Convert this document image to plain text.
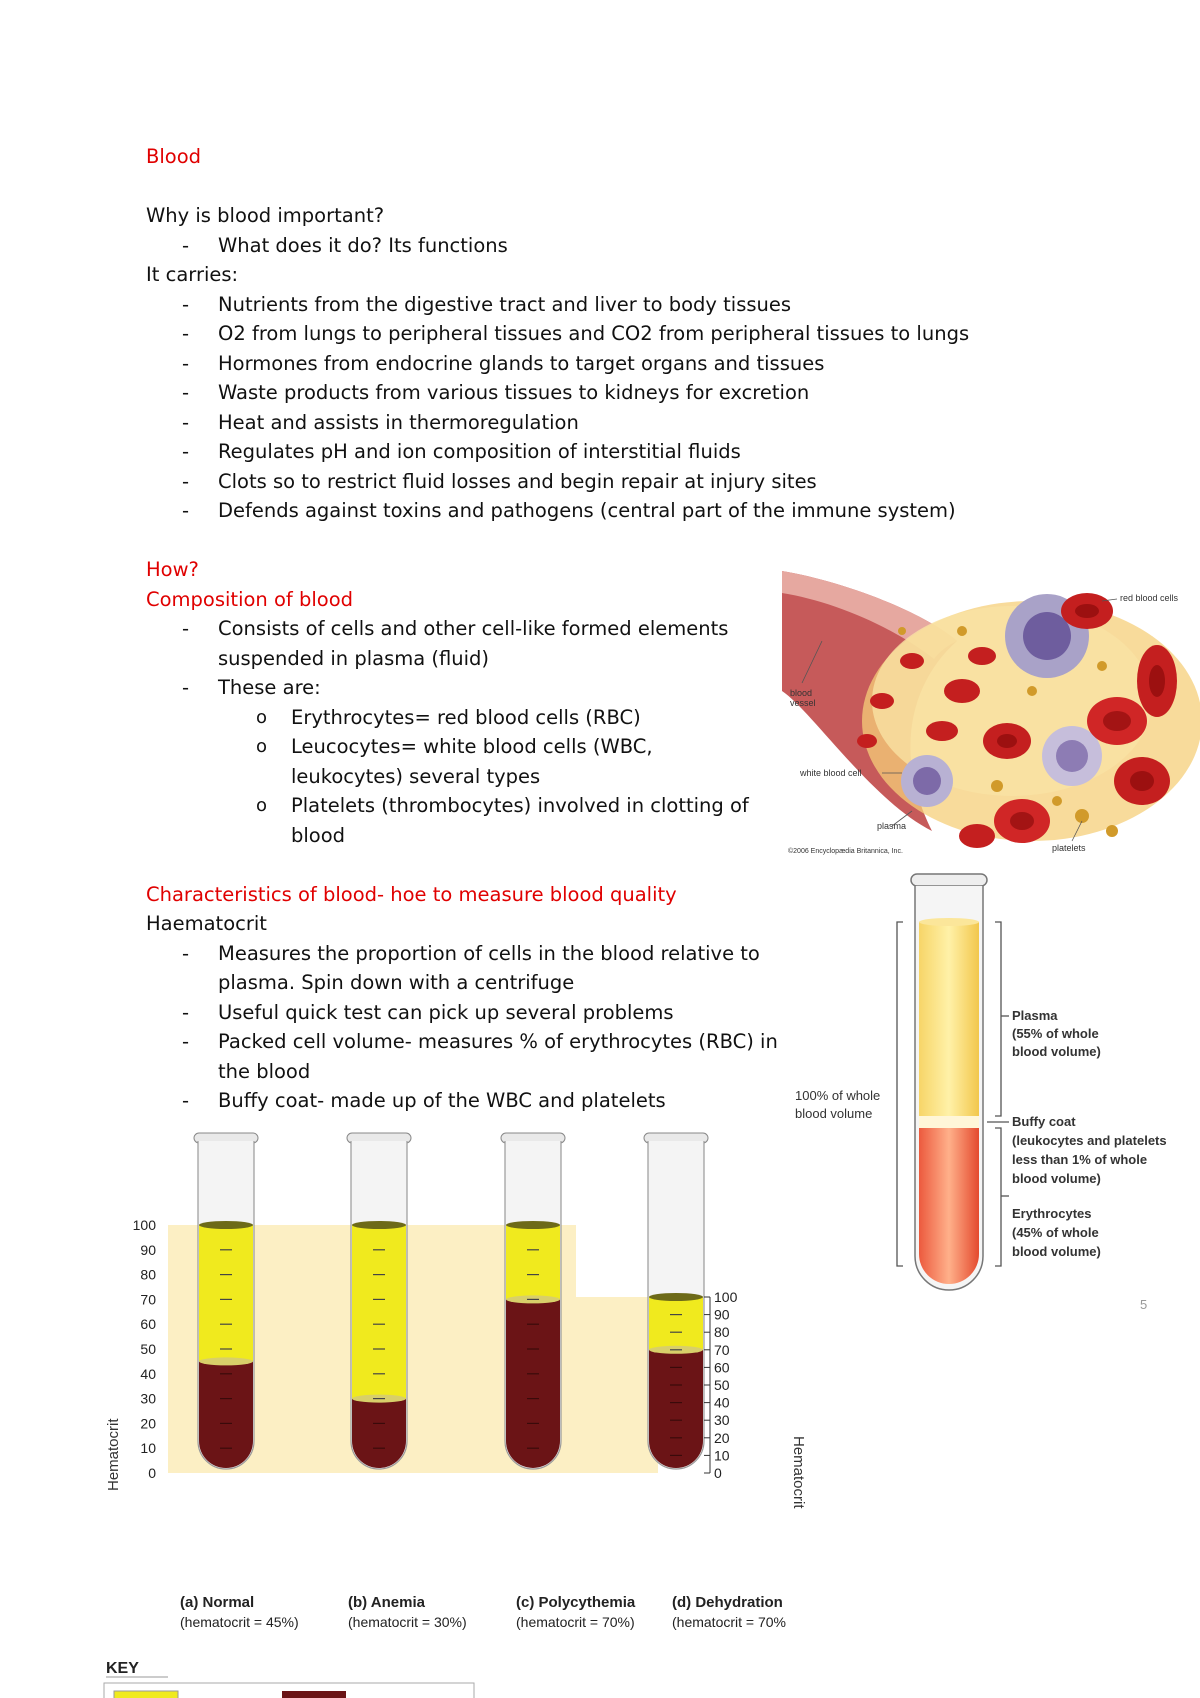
Blood
Why is blood important?
- What does it do? Its functions
It carries:
- Nutrients from the digestive tract and liver to body tissues
- O2 from lungs to peripheral tissues and CO2 from peripheral tissues to lungs
- Hormones from endocrine glands to target organs and tissues
- Waste products from various tissues to kidneys for excretion
- Heat and assists in thermoregulation
- Regulates pH and ion composition of interstitial fluids
- Clots so to restrict fluid losses and begin repair at injury sites
- Defends against toxins and pathogens (central part of the immune system)
How?
Composition of blood
- Consists of cells and other cell-like formed elements
suspended in plasma (fluid)
- These are:
o Erythrocytes= red blood cells (RBC)
o Leucocytes= white blood cells (WBC,
leukocytes) several types
o Platelets (thrombocytes) involved in clotting of
blood
Characteristics of blood- hoe to measure blood quality
Haematocrit
- Measures the proportion of cells in the blood relative to
plasma. Spin down with a centrifuge
- Useful quick test can pick up several problems
- Packed cell volume- measures % of erythrocytes (RBC) in
the blood
- Buffy coat- made up of the WBC and platelets
red blood cells
blood
vessel
white blood cell
plasma
platelets
©2006 Encyclopædia Britannica, Inc.
100% of whole
blood volume
Plasma
(55% of whole
blood volume)
Buffy coat
(leukocytes and platelets
less than 1% of whole
blood volume)
Erythrocytes
(45% of whole
blood volume)
5
100
90
80
70
60
50
40
30
20
10
0
100
90
80
70
60
50
40
30
20
10
0
Hematocrit	Hematocrit
(a) Normal
(hematocrit = 45%)
(b) Anemia
(hematocrit = 30%)
(c) Polycythemia
(hematocrit = 70%)
(d) Dehydration
(hematocrit = 70%
KEY
